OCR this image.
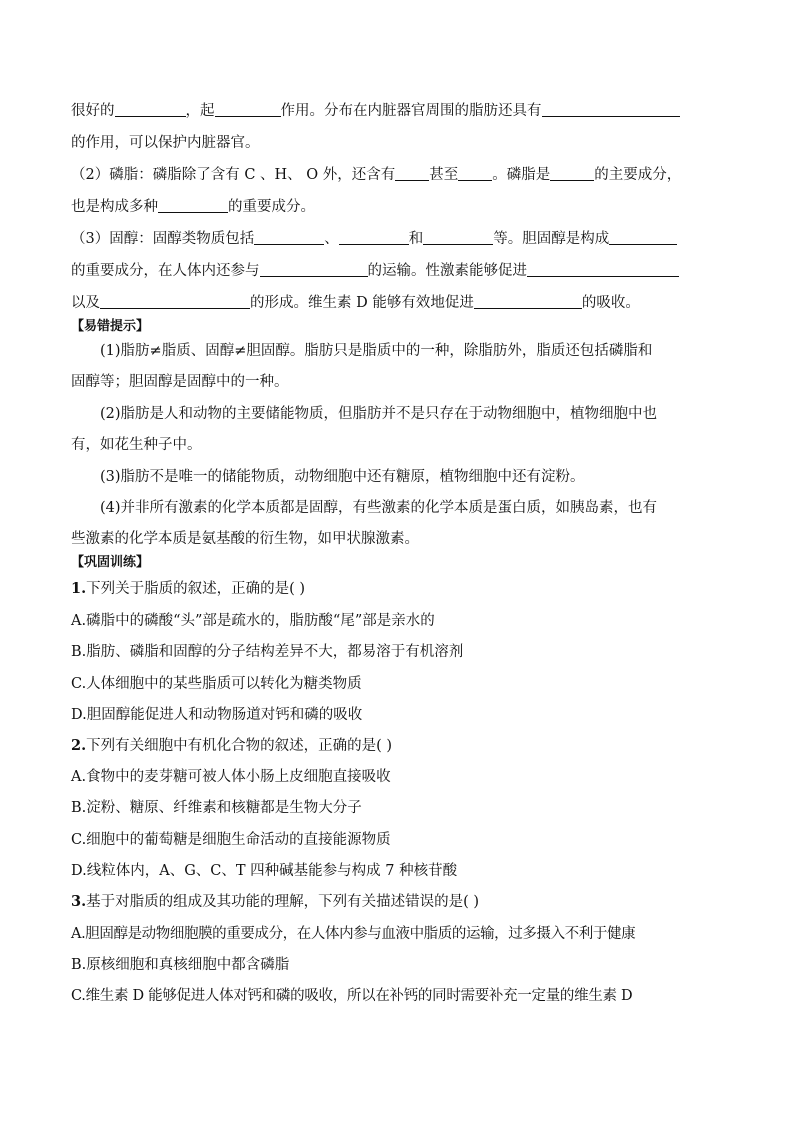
很好的	，起	作用。分布在内脏器官周围的脂肪还具有
的作用，可以保护内脏器官。
（2）磷脂：磷脂除了含有 C 、H、 O 外，还含有 甚至 。磷脂是	的主要成分，
也是构成多种	的重要成分。
（3）固醇：固醇类物质包括	、	和	等。胆固醇是构成
的重要成分，在人体内还参与	的运输。性激素能够促进
以及	的形成。维生素 D 能够有效地促进	的吸收。
【易错提示】
(1)脂肪≠脂质、固醇≠胆固醇。脂肪只是脂质中的一种，除脂肪外，脂质还包括磷脂和
固醇等；胆固醇是固醇中的一种。
(2)脂肪是人和动物的主要储能物质，但脂肪并不是只存在于动物细胞中，植物细胞中也
有，如花生种子中。
(3)脂肪不是唯一的储能物质，动物细胞中还有糖原，植物细胞中还有淀粉。
(4)并非所有激素的化学本质都是固醇，有些激素的化学本质是蛋白质，如胰岛素，也有
些激素的化学本质是氨基酸的衍生物，如甲状腺激素。
【巩固训练】
1.下列关于脂质的叙述，正确的是( )
A.磷脂中的磷酸“头”部是疏水的，脂肪酸“尾”部是亲水的
B.脂肪、磷脂和固醇的分子结构差异不大，都易溶于有机溶剂
C.人体细胞中的某些脂质可以转化为糖类物质
D.胆固醇能促进人和动物肠道对钙和磷的吸收
2.下列有关细胞中有机化合物的叙述，正确的是( )
A.食物中的麦芽糖可被人体小肠上皮细胞直接吸收
B.淀粉、糖原、纤维素和核糖都是生物大分子
C.细胞中的葡萄糖是细胞生命活动的直接能源物质
D.线粒体内，A、G、C、T 四种碱基能参与构成 7 种核苷酸
3.基于对脂质的组成及其功能的理解，下列有关描述错误的是( )
A.胆固醇是动物细胞膜的重要成分，在人体内参与血液中脂质的运输，过多摄入不利于健康
B.原核细胞和真核细胞中都含磷脂
C.维生素 D 能够促进人体对钙和磷的吸收，所以在补钙的同时需要补充一定量的维生素 D
